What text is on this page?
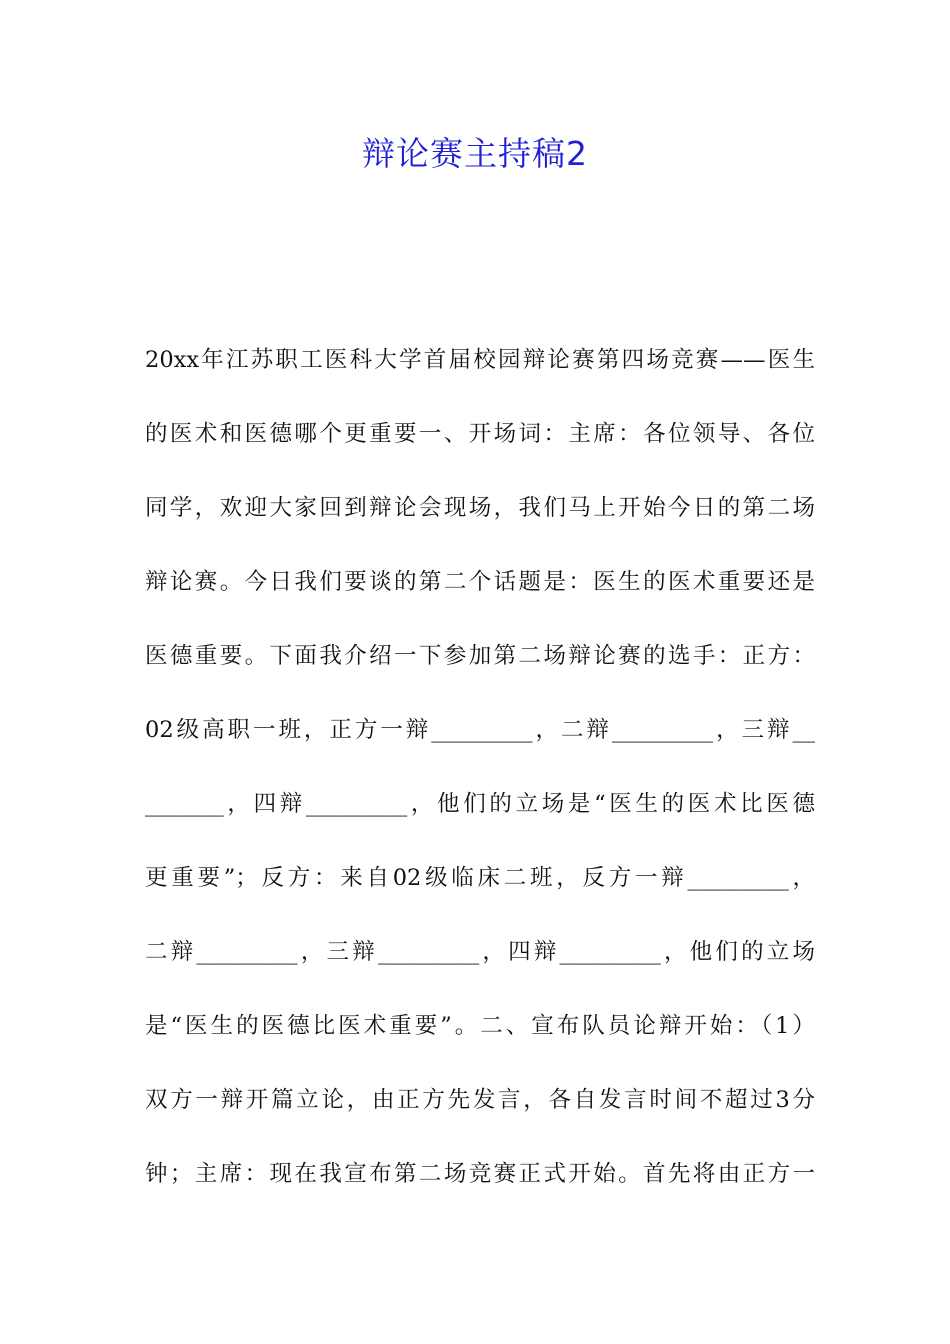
辩论赛主持稿2
20xx年江苏职工医科大学首届校园辩论赛第四场竞赛——医生
的医术和医德哪个更重要一、开场词：主席：各位领导、各位
同学，欢迎大家回到辩论会现场，我们马上开始今日的第二场
辩论赛。今日我们要谈的第二个话题是：医生的医术重要还是
医德重要。下面我介绍一下参加第二场辩论赛的选手：正方：
02级高职一班，正方一辩_________，二辩_________，三辩__
_______，四辩_________，他们的立场是“医生的医术比医德
更重要”；反方：来自02级临床二班，反方一辩_________，
二辩_________，三辩_________，四辩_________，他们的立场
是“医生的医德比医术重要”。二、宣布队员论辩开始：（1）
双方一辩开篇立论，由正方先发言，各自发言时间不超过3分
钟；主席：现在我宣布第二场竞赛正式开始。首先将由正方一
